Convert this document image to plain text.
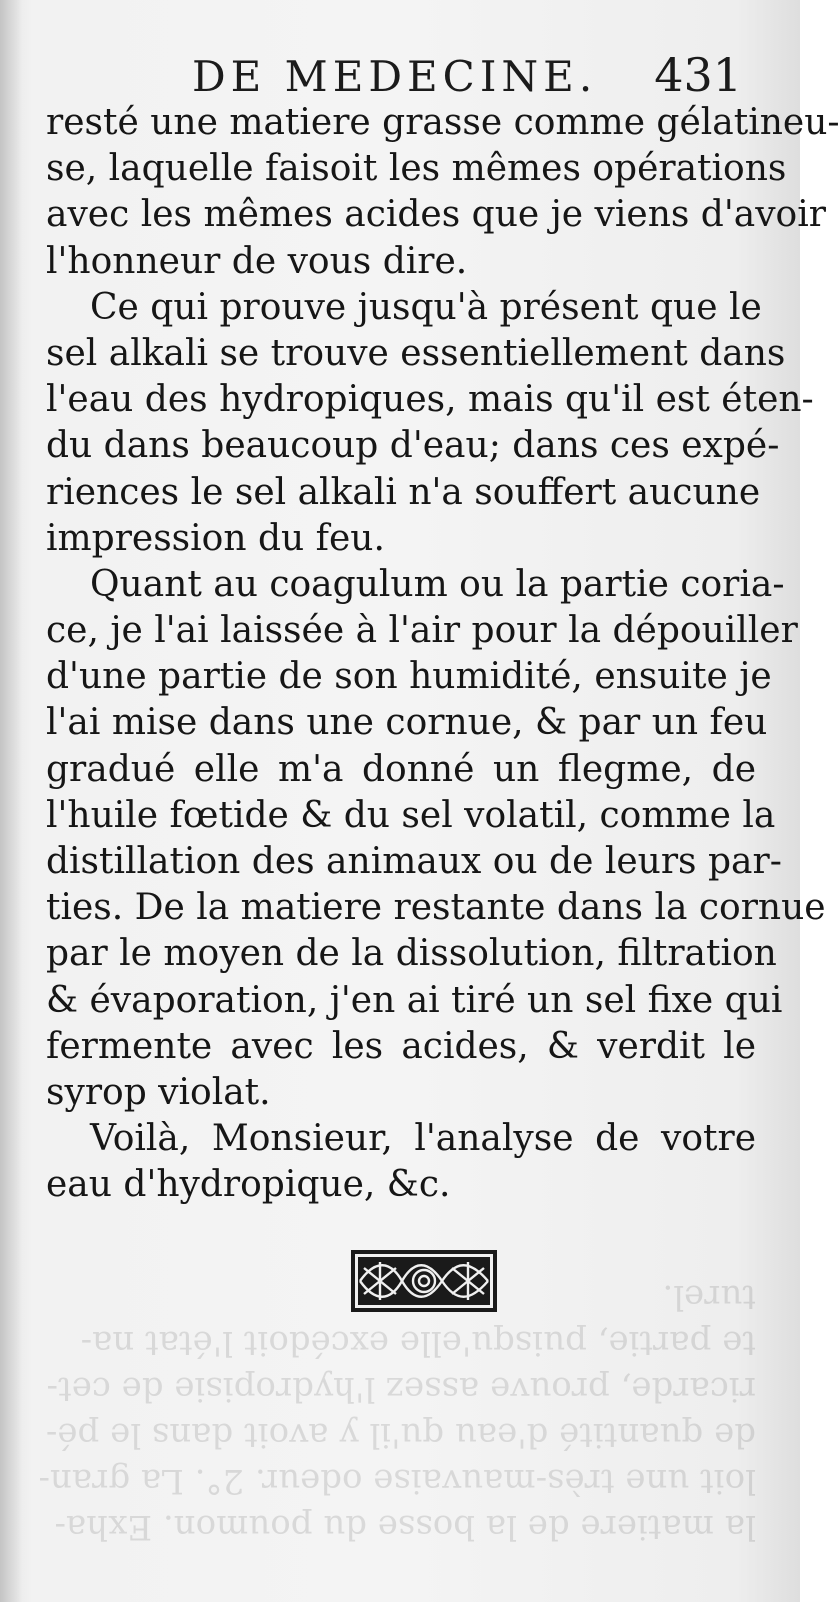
DE MEDECINE. 431
la matiere de la bosse du poumon. Exha-
loit une très-mauvaise odeur. 2°. La gran-
de quantité d'eau qu'il y avoit dans le pé-
ricarde, prouve assez l'hydropisie de cet-
te partie, puisqu'elle excédoit l'état na-
turel.
resté une matiere grasse comme gélatineu-
se, laquelle faisoit les mêmes opérations
avec les mêmes acides que je viens d'avoir
l'honneur de vous dire.
Ce qui prouve jusqu'à présent que le
sel alkali se trouve essentiellement dans
l'eau des hydropiques, mais qu'il est éten-
du dans beaucoup d'eau; dans ces expé-
riences le sel alkali n'a souffert aucune
impression du feu.
Quant au coagulum ou la partie coria-
ce, je l'ai laissée à l'air pour la dépouiller
d'une partie de son humidité, ensuite je
l'ai mise dans une cornue, & par un feu
gradué elle m'a donné un flegme, de
l'huile fœtide & du sel volatil, comme la
distillation des animaux ou de leurs par-
ties. De la matiere restante dans la cornue
par le moyen de la dissolution, filtration
& évaporation, j'en ai tiré un sel fixe qui
fermente avec les acides, & verdit le
syrop violat.
Voilà, Monsieur, l'analyse de votre
eau d'hydropique, &c.
